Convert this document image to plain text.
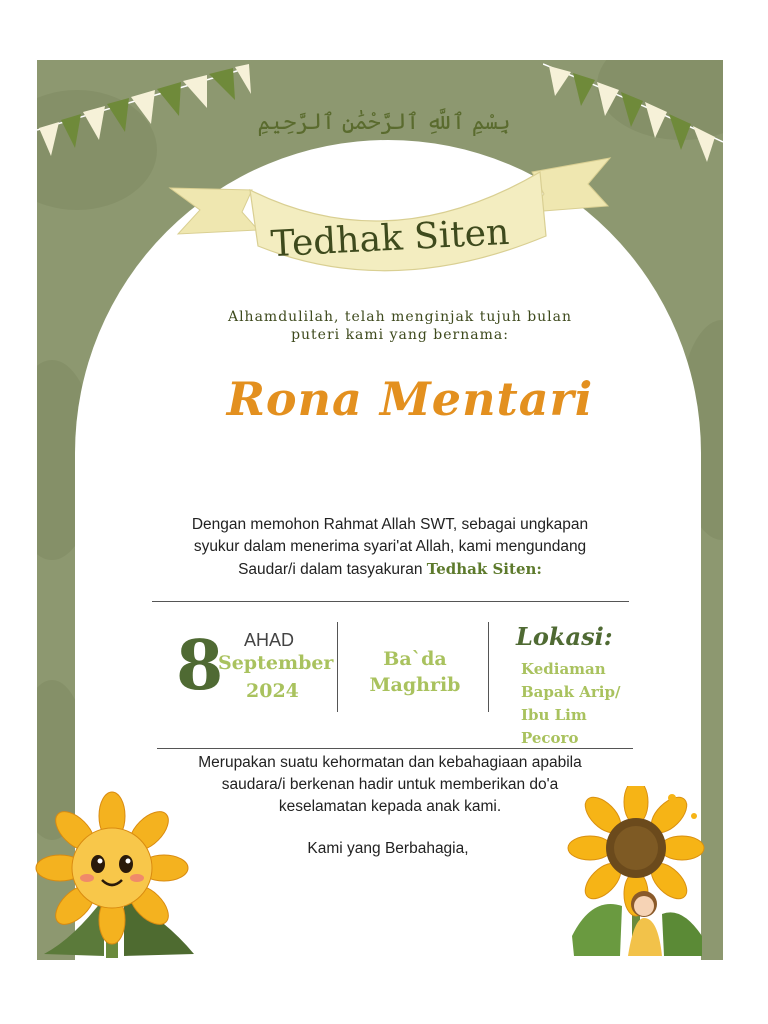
بِسْمِ ٱللَّهِ ٱلرَّحْمَٰنِ ٱلرَّحِيمِ
Tedhak Siten
Alhamdulilah, telah menginjak tujuh bulan
puteri kami yang bernama:
Rona Mentari
Dengan memohon Rahmat Allah SWT, sebagai ungkapan
syukur dalam menerima syari'at Allah, kami mengundang
Saudar/i dalam tasyakuran Tedhak Siten:
8 AHAD
September
2024
Ba`da
Maghrib
Lokasi:
Kediaman
Bapak Arip/
Ibu Lim
Pecoro
Merupakan suatu kehormatan dan kebahagiaan apabila
saudara/i berkenan hadir untuk memberikan do'a
keselamatan kepada anak kami.
Kami yang Berbahagia,
